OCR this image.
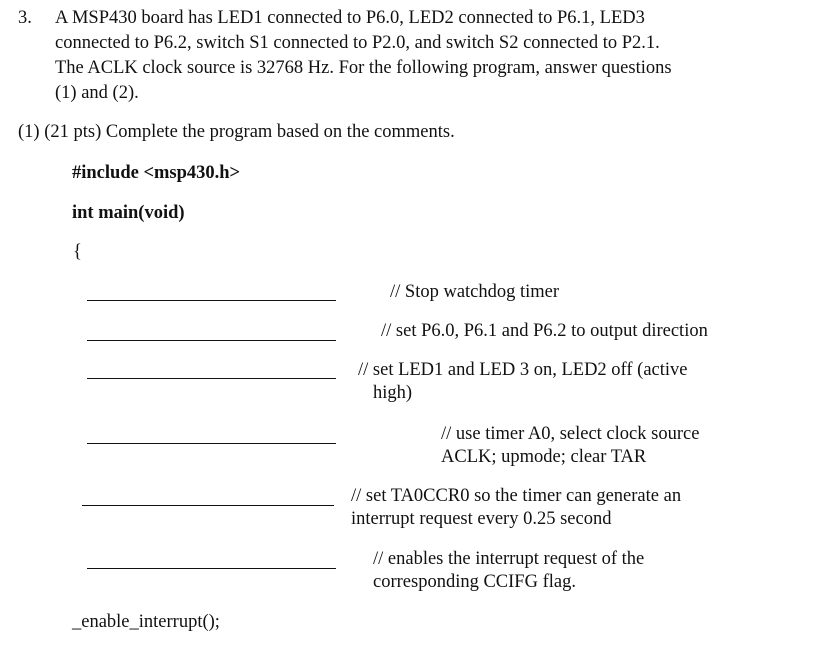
3. A MSP430 board has LED1 connected to P6.0, LED2 connected to P6.1, LED3
connected to P6.2, switch S1 connected to P2.0, and switch S2 connected to P2.1.
The ACLK clock source is 32768 Hz. For the following program, answer questions
(1) and (2).
(1) (21 pts) Complete the program based on the comments.
#include <msp430.h>
int main(void)
{
// Stop watchdog timer
// set P6.0, P6.1 and P6.2 to output direction
// set LED1 and LED 3 on, LED2 off (active
high)
// use timer A0, select clock source
ACLK; upmode; clear TAR
// set TA0CCR0 so the timer can generate an
interrupt request every 0.25 second
// enables the interrupt request of the
corresponding CCIFG flag.
_enable_interrupt();
